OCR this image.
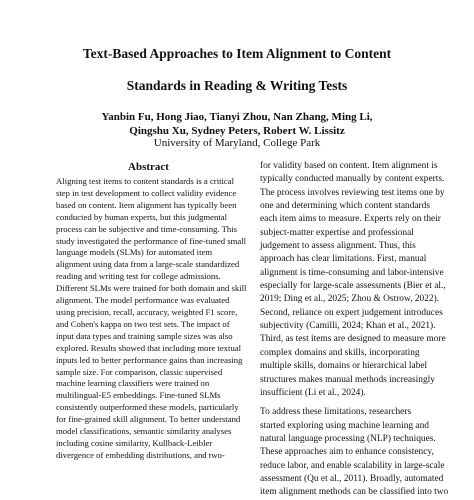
Text-Based Approaches to Item Alignment to Content
Standards in Reading & Writing Tests
Yanbin Fu, Hong Jiao, Tianyi Zhou, Nan Zhang, Ming Li,
Qingshu Xu, Sydney Peters, Robert W. Lissitz
University of Maryland, College Park
Abstract
Aligning test items to content standards is a critical
step in test development to collect validity evidence
based on content. Item alignment has typically been
conducted by human experts, but this judgmental
process can be subjective and time-consuming. This
study investigated the performance of fine-tuned small
language models (SLMs) for automated item
alignment using data from a large-scale standardized
reading and writing test for college admissions.
Different SLMs were trained for both domain and skill
alignment. The model performance was evaluated
using precision, recall, accuracy, weighted F1 score,
and Cohen's kappa on two test sets. The impact of
input data types and training sample sizes was also
explored. Results showed that including more textual
inputs led to better performance gains than increasing
sample size. For comparison, classic supervised
machine learning classifiers were trained on
multilingual-E5 embeddings. Fine-tuned SLMs
consistently outperformed these models, particularly
for fine-grained skill alignment. To better understand
model classifications, semantic similarity analyses
including cosine similarity, Kullback-Leibler
divergence of embedding distributions, and two-
for validity based on content. Item alignment is
typically conducted manually by content experts.
The process involves reviewing test items one by
one and determining which content standards
each item aims to measure. Experts rely on their
subject-matter expertise and professional
judgement to assess alignment. Thus, this
approach has clear limitations. First, manual
alignment is time-consuming and labor-intensive
especially for large-scale assessments (Bier et al.,
2019; Ding et al., 2025; Zhou & Ostrow, 2022).
Second, reliance on expert judgement introduces
subjectivity (Camilli, 2024; Khan et al., 2021).
Third, as test items are designed to measure more
complex domains and skills, incorporating
multiple skills, domains or hierarchical label
structures makes manual methods increasingly
insufficient (Li et al., 2024).
To address these limitations, researchers
started exploring using machine learning and
natural language processing (NLP) techniques.
These approaches aim to enhance consistency,
reduce labor, and enable scalability in large-scale
assessment (Qu et al., 2011). Broadly, automated
item alignment methods can be classified into two
